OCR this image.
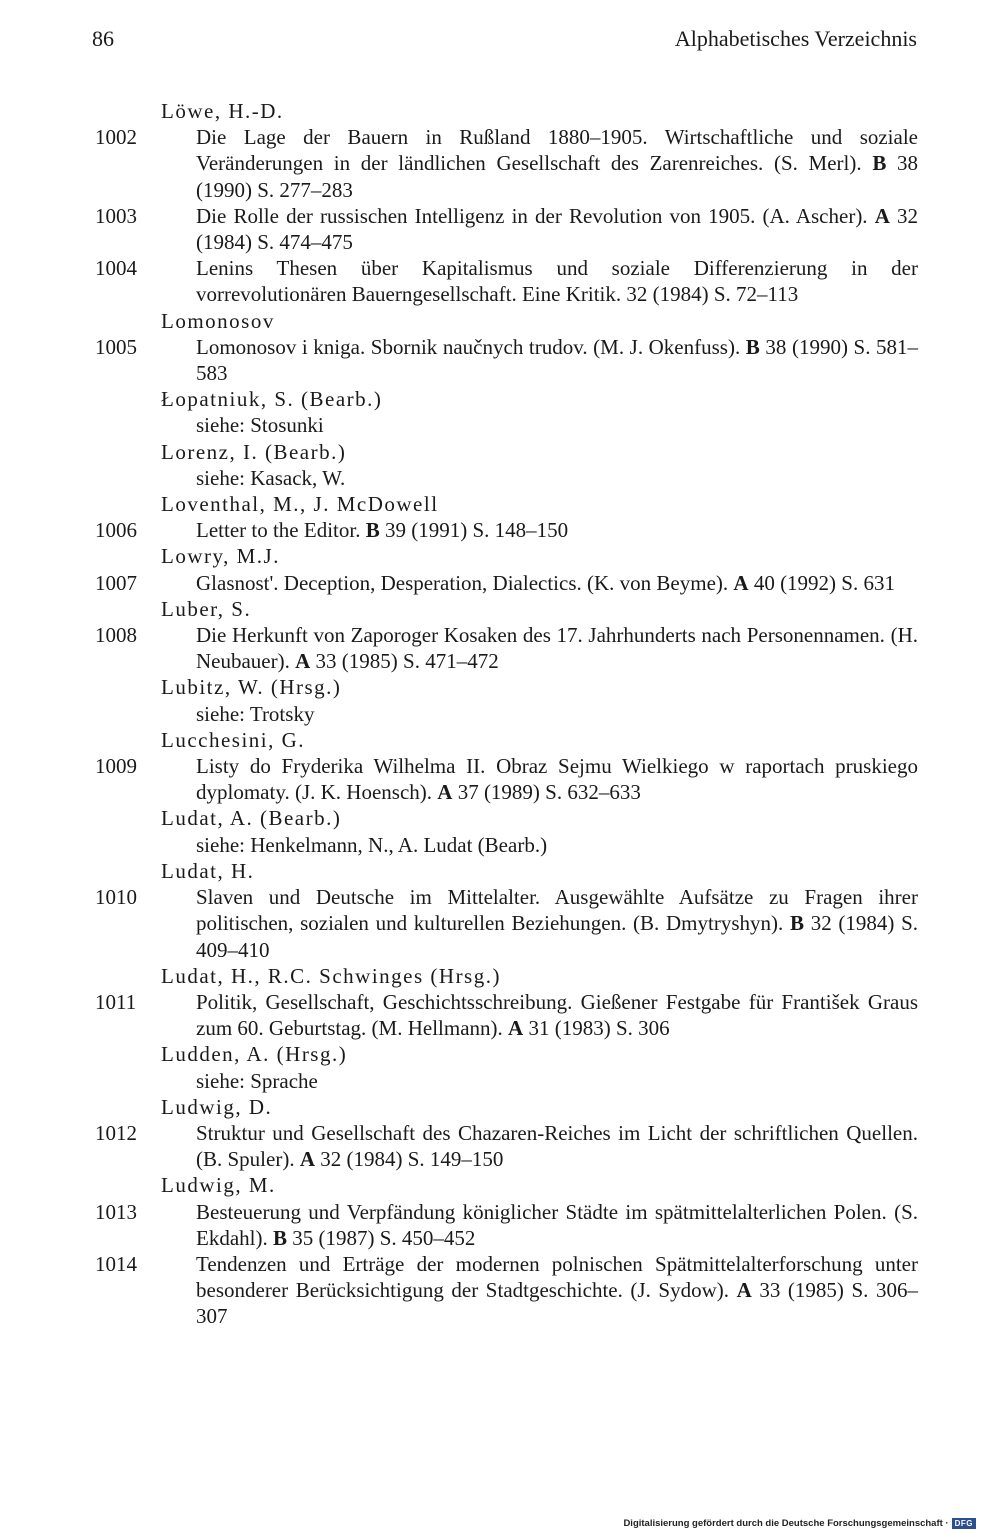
86	Alphabetisches Verzeichnis
Löwe, H.-D.
1002	Die Lage der Bauern in Rußland 1880–1905. Wirtschaftliche und soziale Veränderungen in der ländlichen Gesellschaft des Zarenreiches. (S. Merl). B 38 (1990) S. 277–283
1003	Die Rolle der russischen Intelligenz in der Revolution von 1905. (A. Ascher). A 32 (1984) S. 474–475
1004	Lenins Thesen über Kapitalismus und soziale Differenzierung in der vorrevolutionären Bauerngesellschaft. Eine Kritik. 32 (1984) S. 72–113
Lomonosov
1005	Lomonosov i kniga. Sbornik naučnych trudov. (M. J. Okenfuss). B 38 (1990) S. 581–583
Łopatniuk, S. (Bearb.)
siehe: Stosunki
Lorenz, I. (Bearb.)
siehe: Kasack, W.
Loventhal, M., J. McDowell
1006	Letter to the Editor. B 39 (1991) S. 148–150
Lowry, M.J.
1007	Glasnost'. Deception, Desperation, Dialectics. (K. von Beyme). A 40 (1992) S. 631
Luber, S.
1008	Die Herkunft von Zaporoger Kosaken des 17. Jahrhunderts nach Personennamen. (H. Neubauer). A 33 (1985) S. 471–472
Lubitz, W. (Hrsg.)
siehe: Trotsky
Lucchesini, G.
1009	Listy do Fryderika Wilhelma II. Obraz Sejmu Wielkiego w raportach pruskiego dyplomaty. (J. K. Hoensch). A 37 (1989) S. 632–633
Ludat, A. (Bearb.)
siehe: Henkelmann, N., A. Ludat (Bearb.)
Ludat, H.
1010	Slaven und Deutsche im Mittelalter. Ausgewählte Aufsätze zu Fragen ihrer politischen, sozialen und kulturellen Beziehungen. (B. Dmytryshyn). B 32 (1984) S. 409–410
Ludat, H., R.C. Schwinges (Hrsg.)
1011	Politik, Gesellschaft, Geschichtsschreibung. Gießener Festgabe für František Graus zum 60. Geburtstag. (M. Hellmann). A 31 (1983) S. 306
Ludden, A. (Hrsg.)
siehe: Sprache
Ludwig, D.
1012	Struktur und Gesellschaft des Chazaren-Reiches im Licht der schriftlichen Quellen. (B. Spuler). A 32 (1984) S. 149–150
Ludwig, M.
1013	Besteuerung und Verpfändung königlicher Städte im spätmittelalterlichen Polen. (S. Ekdahl). B 35 (1987) S. 450–452
1014	Tendenzen und Erträge der modernen polnischen Spätmittelalterforschung unter besonderer Berücksichtigung der Stadtgeschichte. (J. Sydow). A 33 (1985) S. 306–307
Digitalisierung gefördert durch die Deutsche Forschungsgemeinschaft · DFG
